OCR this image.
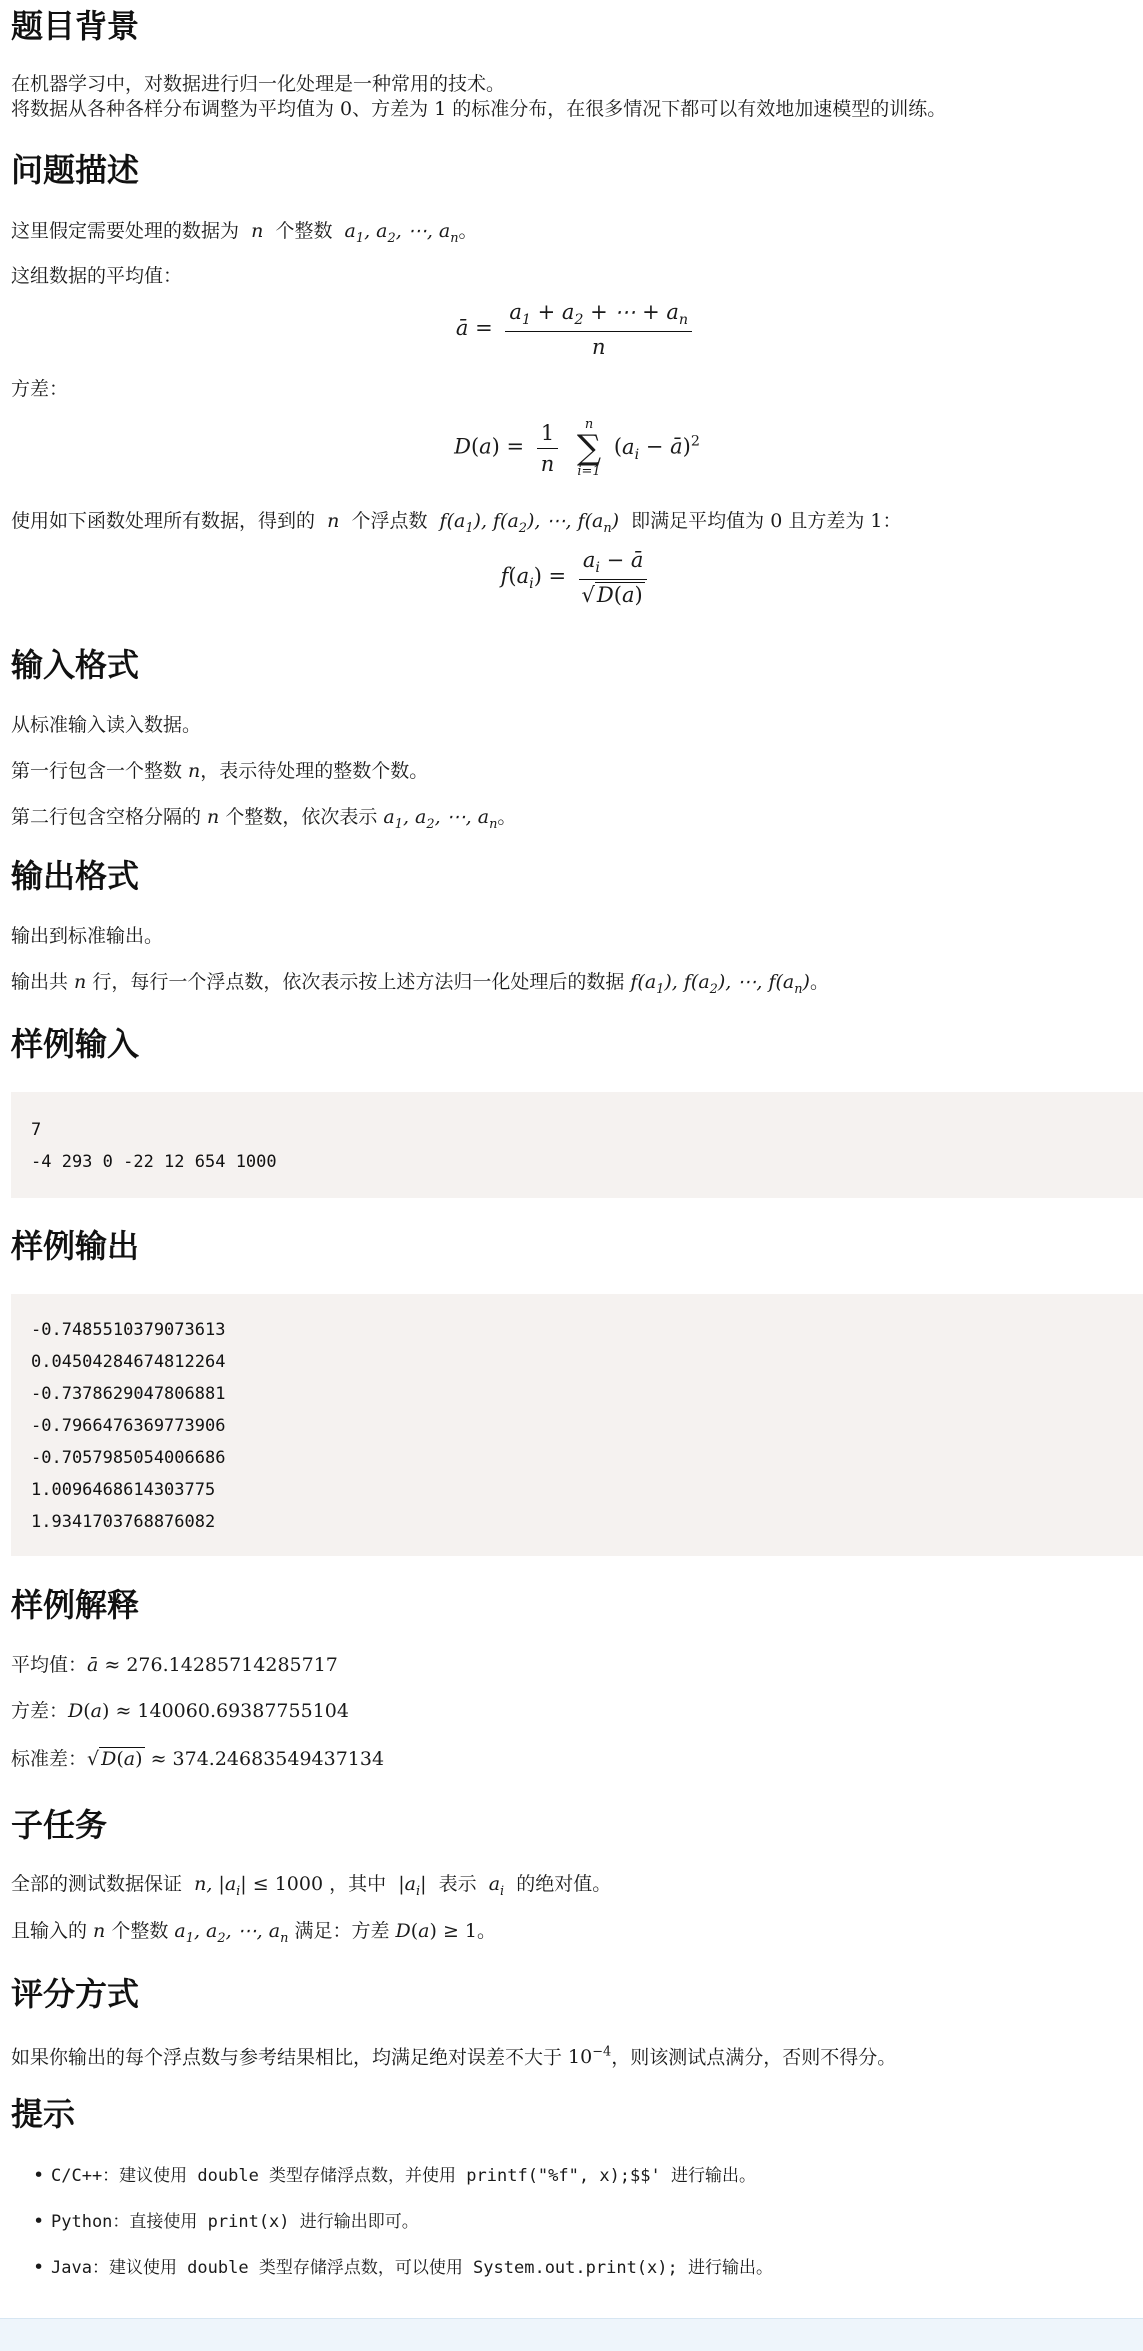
题目背景

在机器学习中，对数据进行归一化处理是一种常用的技术。

将数据从各种各样分布调整为平均值为 0、方差为 1 的标准分布，在很多情况下都可以有效地加速模型的训练。

问题描述

这里假定需要处理的数据为  n  个整数  $a_1$, $a_2$, ⋯, $a_n$。

这组数据的平均值：

ā = $\frac{a_1 + a_2 + \cdots + a_n}{n}$

方差：

$D(a) = \frac{1}{n}$
n
∑
i=1
($a_i$ − ā)$^2$

使用如下函数处理所有数据，得到的  n  个浮点数  $f(a_1)$, $f(a_2)$, ⋯, $f(a_n)$  即满足平均值为 0 且方差为 1：

$f(a_i) = \frac{a_i - ā}{√D(a)}$
输入格式

从标准输入读入数据。

第一行包含一个整数 n，表示待处理的整数个数。

第二行包含空格分隔的 n 个整数，依次表示 $a_1$, $a_2$, ⋯, $a_n$。

输出格式

输出到标准输出。

输出共 n 行，每行一个浮点数，依次表示按上述方法归一化处理后的数据 $f(a_1)$, $f(a_2)$, ⋯, $f(a_n)$。

样例输入
7
-4 293 0 -22 12 654 1000
样例输出
-0.7485510379073613
0.04504284674812264
-0.7378629047806881
-0.7966476369773906
-0.7057985054006686
1.0096468614303775
1.9341703768876082
样例解释

平均值：ā ≈ 276.14285714285717

方差：D(a) ≈ 140060.69387755104

标准差：√ D(a) ≈ 374.24683549437134

子任务

全部的测试数据保证  n, $|a_i| \le 1000$ ，其中  $|a_i|$  表示  $a_i$ 的绝对值。

且输入的 n 个整数 $a_1$, $a_2$, ⋯, $a_n$ 满足：方差 D(a) ≥ 1。

评分方式

如果你输出的每个浮点数与参考结果相比，均满足绝对误差不大于 $10^{-4}$，则该测试点满分，否则不得分。

提示
• C/C++：建议使用 double 类型存储浮点数，并使用 printf("%f", x);$$' 进行输出。
• Python：直接使用 print(x) 进行输出即可。
• Java：建议使用 double 类型存储浮点数，可以使用 System.out.print(x); 进行输出。
